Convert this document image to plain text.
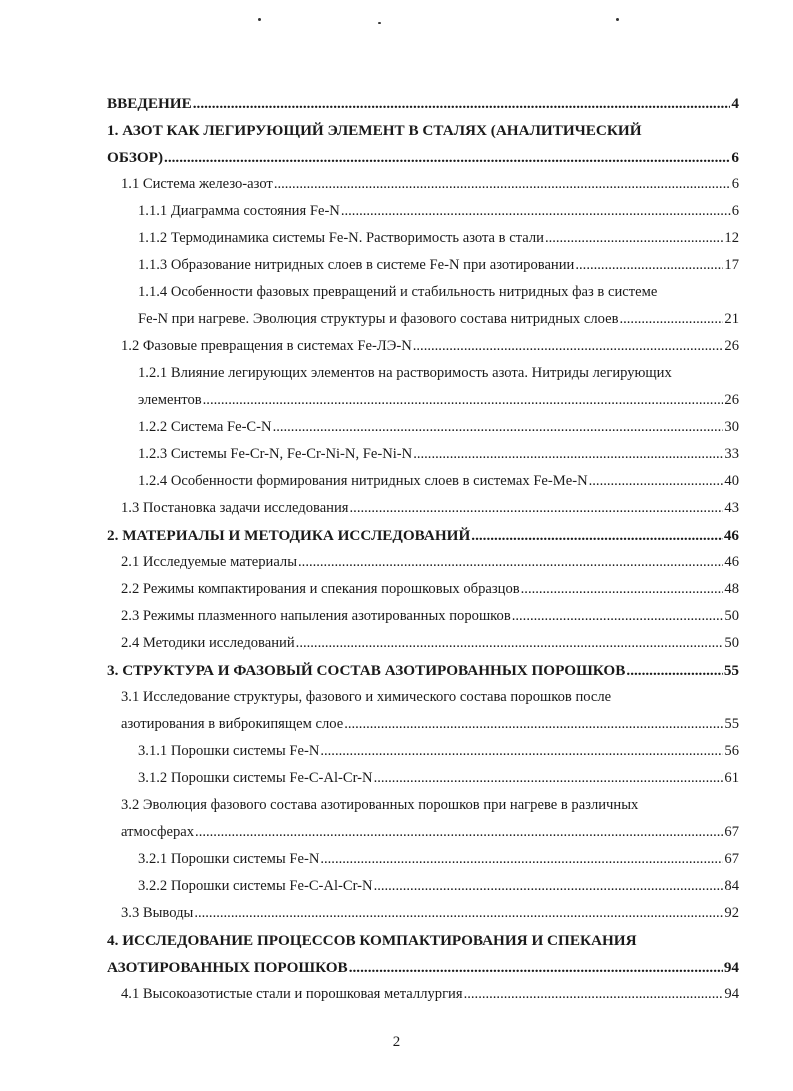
ВВЕДЕНИЕ .....	4
1. АЗОТ КАК ЛЕГИРУЮЩИЙ ЭЛЕМЕНТ В СТАЛЯХ (АНАЛИТИЧЕСКИЙ
ОБЗОР) .....	6
1.1 Система железо-азот .....	6
1.1.1 Диаграмма состояния Fe-N .....	6
1.1.2 Термодинамика системы Fe-N. Растворимость азота в стали .....	12
1.1.3 Образование нитридных слоев в системе Fe-N при азотировании .....	17
1.1.4 Особенности фазовых превращений и стабильность нитридных фаз в системе
Fe-N при нагреве. Эволюция структуры и фазового состава нитридных слоев .....	21
1.2 Фазовые превращения в системах Fe-ЛЭ-N .....	26
1.2.1 Влияние легирующих элементов на растворимость азота. Нитриды легирующих
элементов .....	26
1.2.2 Система Fe-C-N .....	30
1.2.3 Системы Fe-Cr-N, Fe-Cr-Ni-N, Fe-Ni-N .....	33
1.2.4 Особенности формирования нитридных слоев в системах Fe-Me-N .....	40
1.3 Постановка задачи исследования .....	43
2. МАТЕРИАЛЫ И МЕТОДИКА ИССЛЕДОВАНИЙ .....	46
2.1 Исследуемые материалы .....	46
2.2 Режимы компактирования и спекания порошковых образцов .....	48
2.3 Режимы плазменного напыления азотированных порошков .....	50
2.4 Методики исследований .....	50
3. СТРУКТУРА И ФАЗОВЫЙ СОСТАВ АЗОТИРОВАННЫХ ПОРОШКОВ .....	55
3.1 Исследование структуры, фазового и химического состава порошков после
азотирования в виброкипящем слое .....	55
3.1.1 Порошки системы Fe-N .....	56
3.1.2 Порошки системы Fe-C-Al-Cr-N .....	61
3.2 Эволюция фазового состава азотированных порошков при нагреве в различных
атмосферах .....	67
3.2.1 Порошки системы Fe-N .....	67
3.2.2 Порошки системы Fe-C-Al-Cr-N .....	84
3.3 Выводы .....	92
4. ИССЛЕДОВАНИЕ ПРОЦЕССОВ КОМПАКТИРОВАНИЯ И СПЕКАНИЯ
АЗОТИРОВАННЫХ ПОРОШКОВ .....	94
4.1 Высокоазотистые стали и порошковая металлургия .....	94
2
